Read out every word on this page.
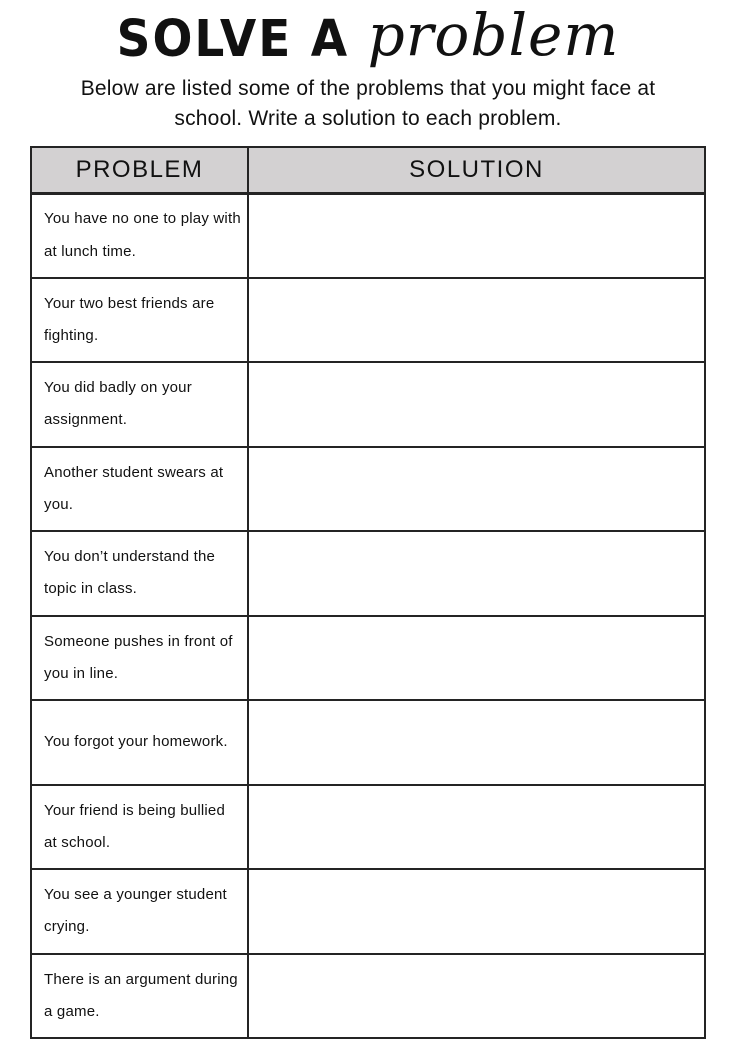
SOLVE A problem

Below are listed some of the problems that you might face at school. Write a solution to each problem.

PROBLEM	SOLUTION
You have no one to play with at lunch time.	
Your two best friends are fighting.	
You did badly on your assignment.	
Another student swears at you.	
You don’t understand the topic in class.	
Someone pushes in front of you in line.	
You forgot your homework.	
Your friend is being bullied at school.	
You see a younger student crying.	
There is an argument during a game.	
